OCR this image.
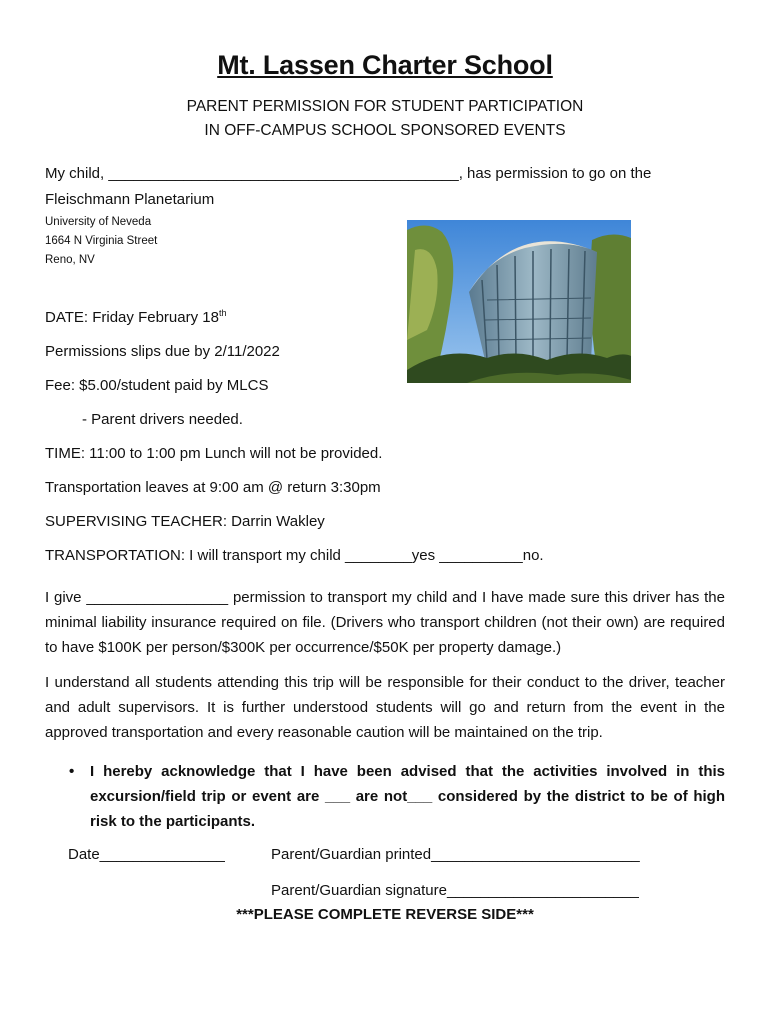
Mt. Lassen Charter School
PARENT PERMISSION FOR STUDENT PARTICIPATION
IN OFF-CAMPUS SCHOOL SPONSORED EVENTS
My child, __________________________________________, has permission to go on the
Fleischmann Planetarium
University of Neveda
1664 N Virginia Street
Reno, NV
DATE: Friday February 18th
Permissions slips due by 2/11/2022
Fee: $5.00/student paid by MLCS
- Parent drivers needed.
TIME: 11:00 to 1:00 pm Lunch will not be provided.
Transportation leaves at 9:00 am @ return 3:30pm
SUPERVISING TEACHER: Darrin Wakley
TRANSPORTATION: I will transport my child ________yes __________no.
I give _________________ permission to transport my child and I have made sure this driver has the minimal liability insurance required on file. (Drivers who transport children (not their own) are required to have $100K per person/$300K per occurrence/$50K per property damage.)
I understand all students attending this trip will be responsible for their conduct to the driver, teacher and adult supervisors. It is further understood students will go and return from the event in the approved transportation and every reasonable caution will be maintained on the trip.
• I hereby acknowledge that I have been advised that the activities involved in this excursion/field trip or event are ___ are not___ considered by the district to be of high risk to the participants.
Date_______________	Parent/Guardian printed_________________________
Parent/Guardian signature_______________________
***PLEASE COMPLETE REVERSE SIDE***
